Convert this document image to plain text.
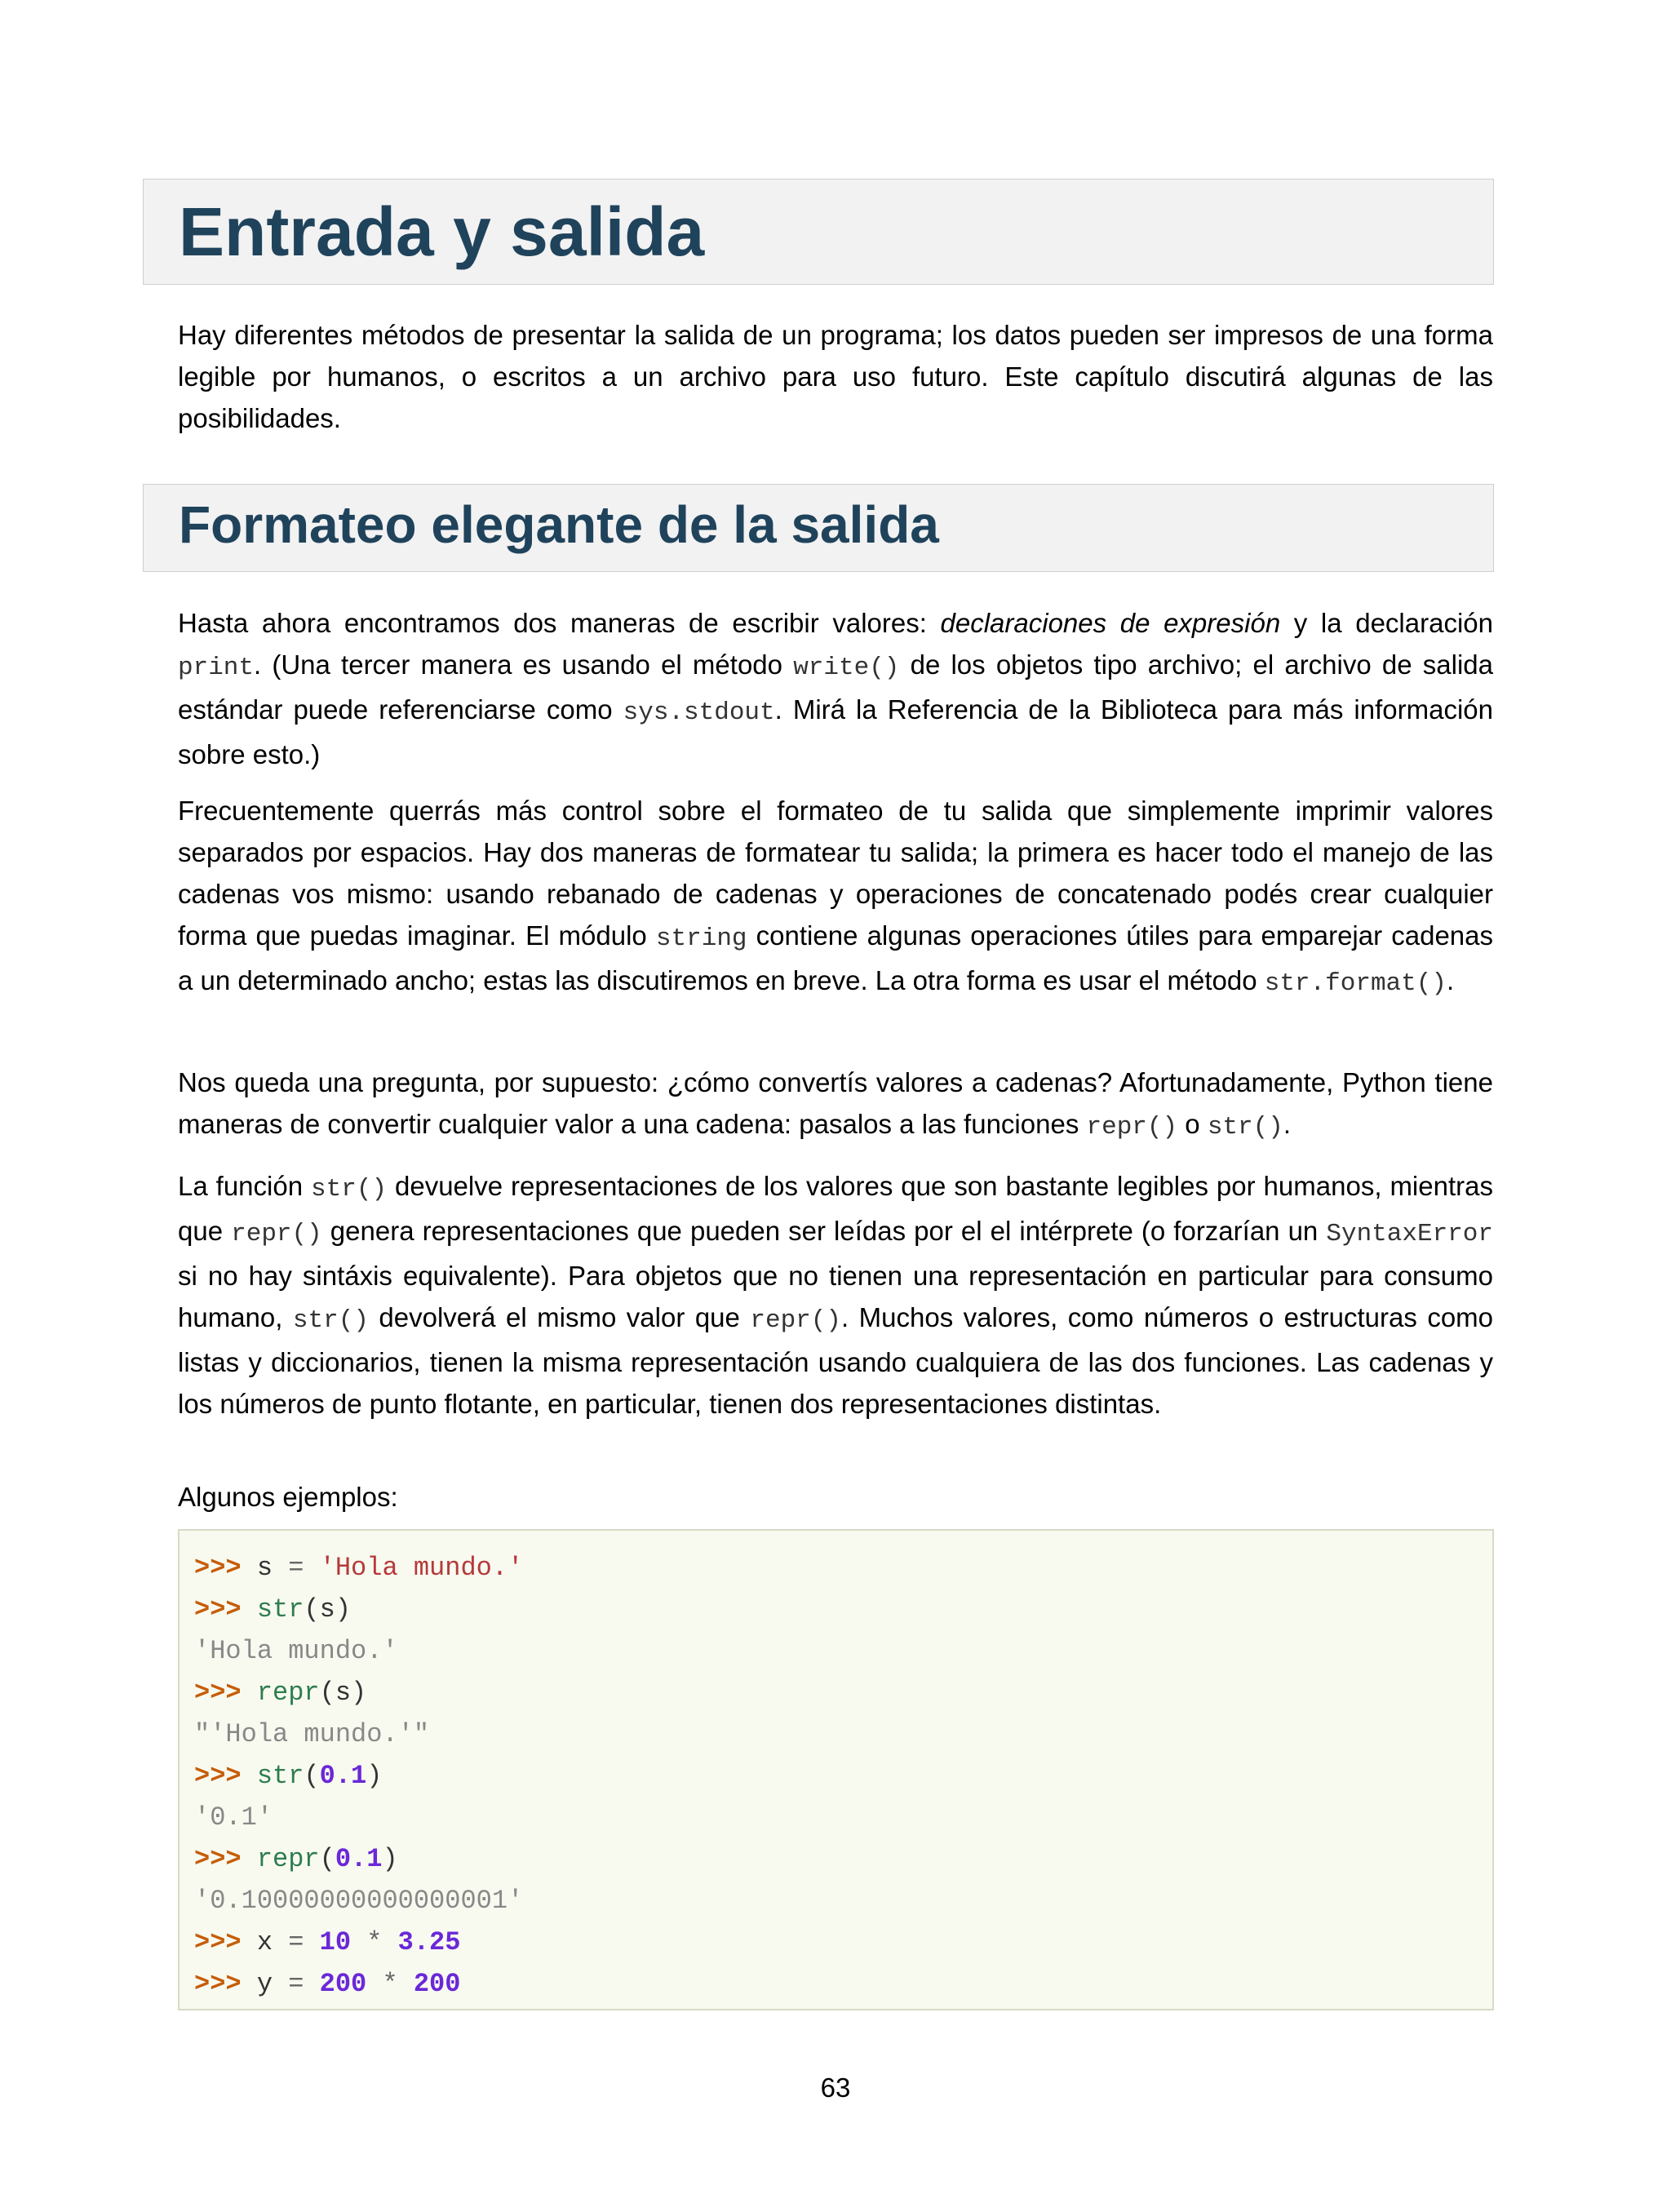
Entrada y salida

Hay diferentes métodos de presentar la salida de un programa; los datos pueden ser impresos de una forma legible por humanos, o escritos a un archivo para uso futuro. Este capítulo discutirá algunas de las posibilidades.

Formateo elegante de la salida

Hasta ahora encontramos dos maneras de escribir valores: declaraciones de expresión y la declaración print. (Una tercer manera es usando el método write() de los objetos tipo archivo; el archivo de salida estándar puede referenciarse como sys.stdout. Mirá la Referencia de la Biblioteca para más información sobre esto.)

Frecuentemente querrás más control sobre el formateo de tu salida que simplemente imprimir valores separados por espacios. Hay dos maneras de formatear tu salida; la primera es hacer todo el manejo de las cadenas vos mismo: usando rebanado de cadenas y operaciones de concatenado podés crear cualquier forma que puedas imaginar. El módulo string contiene algunas operaciones útiles para emparejar cadenas a un determinado ancho; estas las discutiremos en breve. La otra forma es usar el método str.format().

Nos queda una pregunta, por supuesto: ¿cómo convertís valores a cadenas? Afortunadamente, Python tiene maneras de convertir cualquier valor a una cadena: pasalos a las funciones repr() o str().

La función str() devuelve representaciones de los valores que son bastante legibles por humanos, mientras que repr() genera representaciones que pueden ser leídas por el el intérprete (o forzarían un SyntaxError si no hay sintáxis equivalente). Para objetos que no tienen una representación en particular para consumo humano, str() devolverá el mismo valor que repr(). Muchos valores, como números o estructuras como listas y diccionarios, tienen la misma representación usando cualquiera de las dos funciones. Las cadenas y los números de punto flotante, en particular, tienen dos representaciones distintas.

Algunos ejemplos:

>>> s = 'Hola mundo.'
>>> str(s)
'Hola mundo.'
>>> repr(s)
"'Hola mundo.'"
>>> str(0.1)
'0.1'
>>> repr(0.1)
'0.10000000000000001'
>>> x = 10 * 3.25
>>> y = 200 * 200
63
